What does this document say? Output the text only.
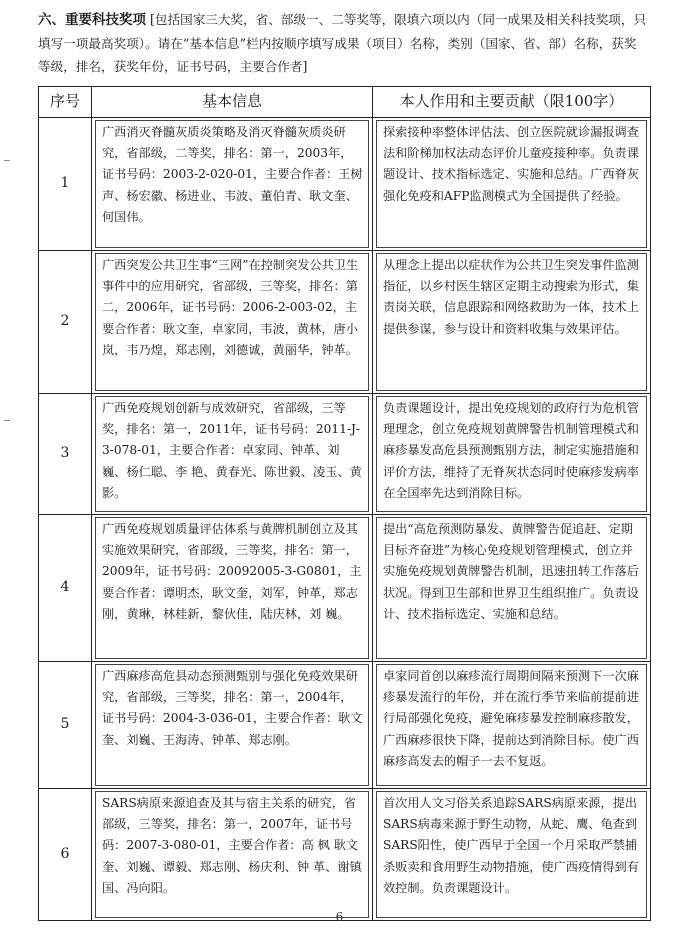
六、重要科技奖项 [包括国家三大奖，省、部级一、二等奖等，限填六项以内（同一成果及相关科技奖项，只填写一项最高奖项）。请在“基本信息”栏内按顺序填写成果（项目）名称，类别（国家、省、部）名称，获奖等级，排名，获奖年份，证书号码，主要合作者]
序号	基本信息	本人作用和主要贡献（限100字）
1	广西消灭脊髓灰质炎策略及消灭脊髓灰质炎研究，省部级，二等奖，排名：第一，2003年，证书号码：2003-2-020-01，主要合作者：王树声、杨宏徽、杨进业、韦波、董伯青、耿文奎、何国伟。	探索接种率整体评估法、创立医院就诊漏报调查法和阶梯加权法动态评价儿童疫接种率。负责课题设计、技术指标选定、实施和总结。广西脊灰强化免疫和AFP监测模式为全国提供了经验。

2	广西突发公共卫生事“三网”在控制突发公共卫生事件中的应用研究，省部级，三等奖，排名：第二，2006年，证书号码：2006-2-003-02，主要合作者：耿文奎，卓家同，韦波，黄林，唐小岚，韦乃煌，郑志刚，刘德诚，黄丽华，钟革。	从理念上提出以症状作为公共卫生突发事件监测指征，以乡村医生辖区定期主动搜索为形式，集责岗关联，信息跟踪和网络救助为一体，技术上提供参谋，参与设计和资料收集与效果评估。

3	广西免疫规划创新与成效研究，省部级，三等奖，排名：第一，2011年，证书号码：2011-J-3-078-01，主要合作者：卓家同、钟革、刘 巍、杨仁聪、李 艳、黄春光、陈世毅、凌玉、黄 影。	负责课题设计，提出免疫规划的政府行为危机管理理念，创立免疫规划黄牌警告机制管理模式和麻疹暴发高危县预测甄别方法，制定实施措施和评价方法，维持了无脊灰状态同时使麻疹发病率在全国率先达到消除目标。

4	广西免疫规划质量评估体系与黄牌机制创立及其实施效果研究，省部级，三等奖，排名：第一，2009年，证书号码：20092005-3-G0801，主要合作者：谭明杰，耿文奎，刘军，钟革，郑志刚，黄琳，林桂新，黎伙佳，陆庆林，刘 巍。	提出“高危预测防暴发、黄牌警告促追赶、定期目标齐奋进”为核心免疫规划管理模式，创立并实施免疫规划黄牌警告机制，迅速扭转工作落后状况。得到卫生部和世界卫生组织推广。负责设计、技术指标选定、实施和总结。

5	广西麻疹高危县动态预测甄别与强化免疫效果研究，省部级，三等奖，排名：第一，2004年，证书号码：2004-3-036-01，主要合作者：耿文奎、刘巍、王海涛、钟革、郑志刚。	卓家同首创以麻疹流行周期间隔来预测下一次麻疹暴发流行的年份，并在流行季节来临前提前进行局部强化免疫，避免麻疹暴发控制麻疹散发，广西麻疹很快下降，提前达到消除目标。使广西麻疹高发去的帽子一去不复返。

6	SARS病原来源追查及其与宿主关系的研究，省部级，三等奖，排名：第一，2007年，证书号码：2007-3-080-01，主要合作者：高 枫 耿文奎、刘巍、谭毅、郑志刚、杨庆利、钟 革、谢镇国、冯向阳。	首次用人文习俗关系追踪SARS病原来源，提出SARS病毒来源于野生动物，从蛇、鹰、龟查到SARS阳性，使广西早于全国一个月采取严禁捕杀贩卖和食用野生动物措施，使广西疫情得到有效控制。负责课题设计。
6
